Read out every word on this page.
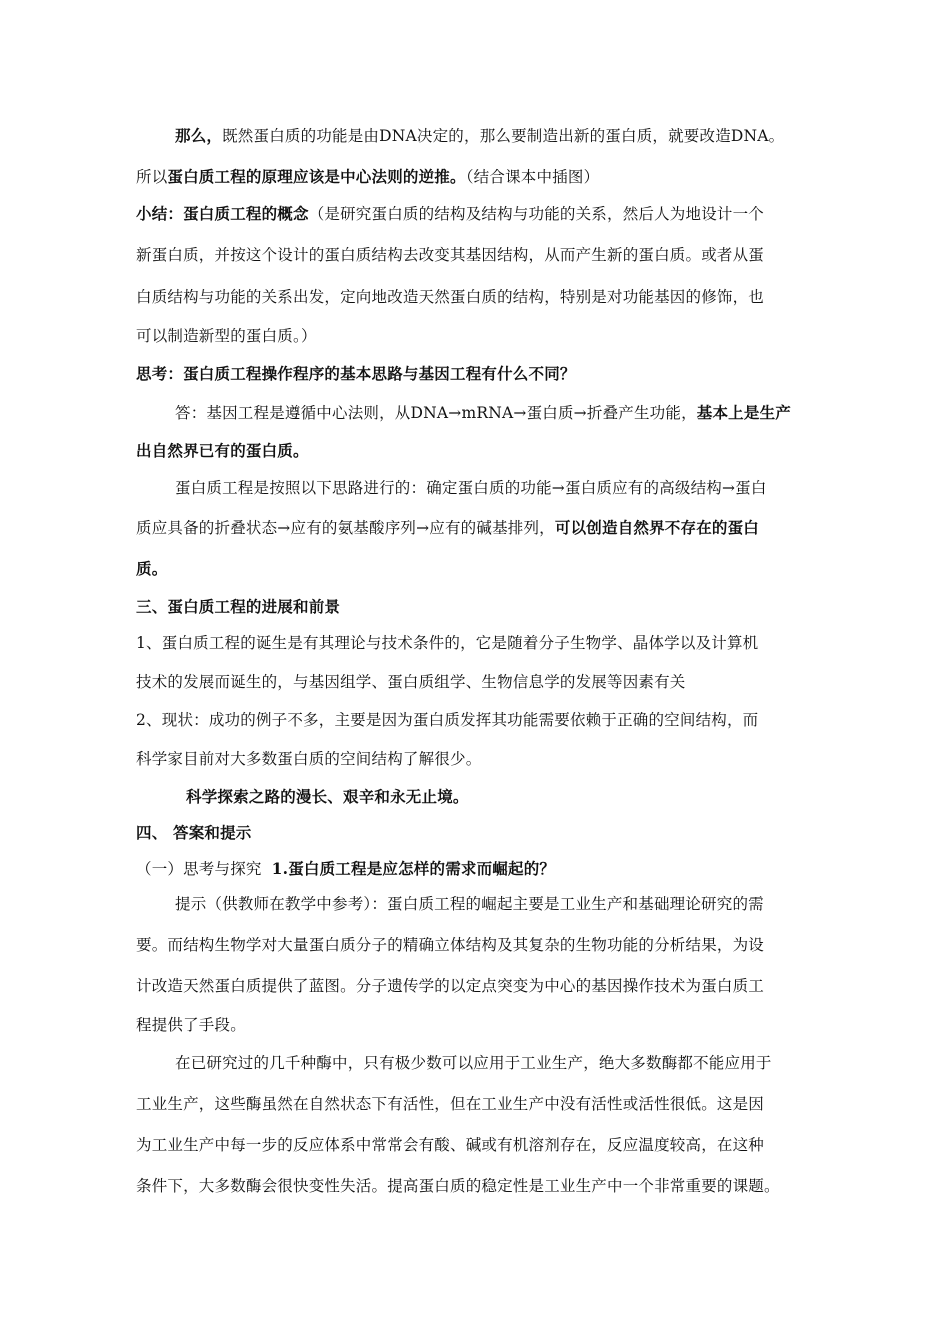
那么，既然蛋白质的功能是由DNA决定的，那么要制造出新的蛋白质，就要改造DNA。
所以蛋白质工程的原理应该是中心法则的逆推。（结合课本中插图）
小结：蛋白质工程的概念（是研究蛋白质的结构及结构与功能的关系，然后人为地设计一个
新蛋白质，并按这个设计的蛋白质结构去改变其基因结构，从而产生新的蛋白质。或者从蛋
白质结构与功能的关系出发，定向地改造天然蛋白质的结构，特别是对功能基因的修饰，也
可以制造新型的蛋白质。）
思考：蛋白质工程操作程序的基本思路与基因工程有什么不同？
答：基因工程是遵循中心法则，从DNA→mRNA→蛋白质→折叠产生功能，基本上是生产
出自然界已有的蛋白质。
蛋白质工程是按照以下思路进行的：确定蛋白质的功能→蛋白质应有的高级结构→蛋白
质应具备的折叠状态→应有的氨基酸序列→应有的碱基排列，可以创造自然界不存在的蛋白
质。
三、蛋白质工程的进展和前景
1、蛋白质工程的诞生是有其理论与技术条件的，它是随着分子生物学、晶体学以及计算机
技术的发展而诞生的，与基因组学、蛋白质组学、生物信息学的发展等因素有关
2、现状：成功的例子不多，主要是因为蛋白质发挥其功能需要依赖于正确的空间结构，而
科学家目前对大多数蛋白质的空间结构了解很少。
科学探索之路的漫长、艰辛和永无止境。
四、 答案和提示
（一）思考与探究 1.蛋白质工程是应怎样的需求而崛起的？
提示（供教师在教学中参考）：蛋白质工程的崛起主要是工业生产和基础理论研究的需
要。而结构生物学对大量蛋白质分子的精确立体结构及其复杂的生物功能的分析结果，为设
计改造天然蛋白质提供了蓝图。分子遗传学的以定点突变为中心的基因操作技术为蛋白质工
程提供了手段。
在已研究过的几千种酶中，只有极少数可以应用于工业生产，绝大多数酶都不能应用于
工业生产，这些酶虽然在自然状态下有活性，但在工业生产中没有活性或活性很低。这是因
为工业生产中每一步的反应体系中常常会有酸、碱或有机溶剂存在，反应温度较高，在这种
条件下，大多数酶会很快变性失活。提高蛋白质的稳定性是工业生产中一个非常重要的课题。
